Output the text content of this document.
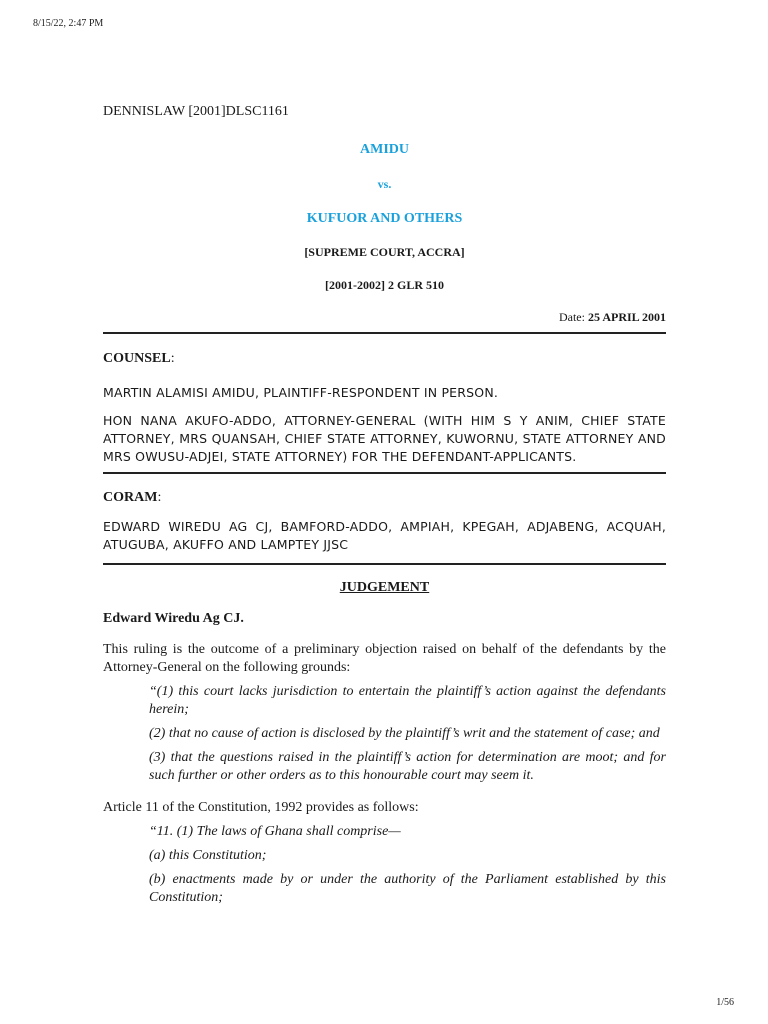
8/15/22, 2:47 PM
DENNISLAW [2001]DLSC1161
AMIDU
vs.
KUFUOR AND OTHERS
[SUPREME COURT, ACCRA]
[2001-2002] 2 GLR 510
Date: 25 APRIL 2001
COUNSEL:
MARTIN ALAMISI AMIDU, PLAINTIFF-RESPONDENT IN PERSON.
HON NANA AKUFO-ADDO, ATTORNEY-GENERAL (WITH HIM S Y ANIM, CHIEF STATE ATTORNEY, MRS QUANSAH, CHIEF STATE ATTORNEY, KUWORNU, STATE ATTORNEY AND MRS OWUSU-ADJEI, STATE ATTORNEY) FOR THE DEFENDANT-APPLICANTS.
CORAM:
EDWARD WIREDU AG CJ, BAMFORD-ADDO, AMPIAH, KPEGAH, ADJABENG, ACQUAH, ATUGUBA, AKUFFO AND LAMPTEY JJSC
JUDGEMENT
Edward Wiredu Ag CJ.
This ruling is the outcome of a preliminary objection raised on behalf of the defendants by the Attorney-General on the following grounds:
“(1) this court lacks jurisdiction to entertain the plaintiff’s action against the defendants herein;
(2) that no cause of action is disclosed by the plaintiff’s writ and the statement of case; and
(3) that the questions raised in the plaintiff’s action for determination are moot; and for such further or other orders as to this honourable court may seem it.
Article 11 of the Constitution, 1992 provides as follows:
“11. (1) The laws of Ghana shall comprise—
(a) this Constitution;
(b) enactments made by or under the authority of the Parliament established by this Constitution;
1/56
